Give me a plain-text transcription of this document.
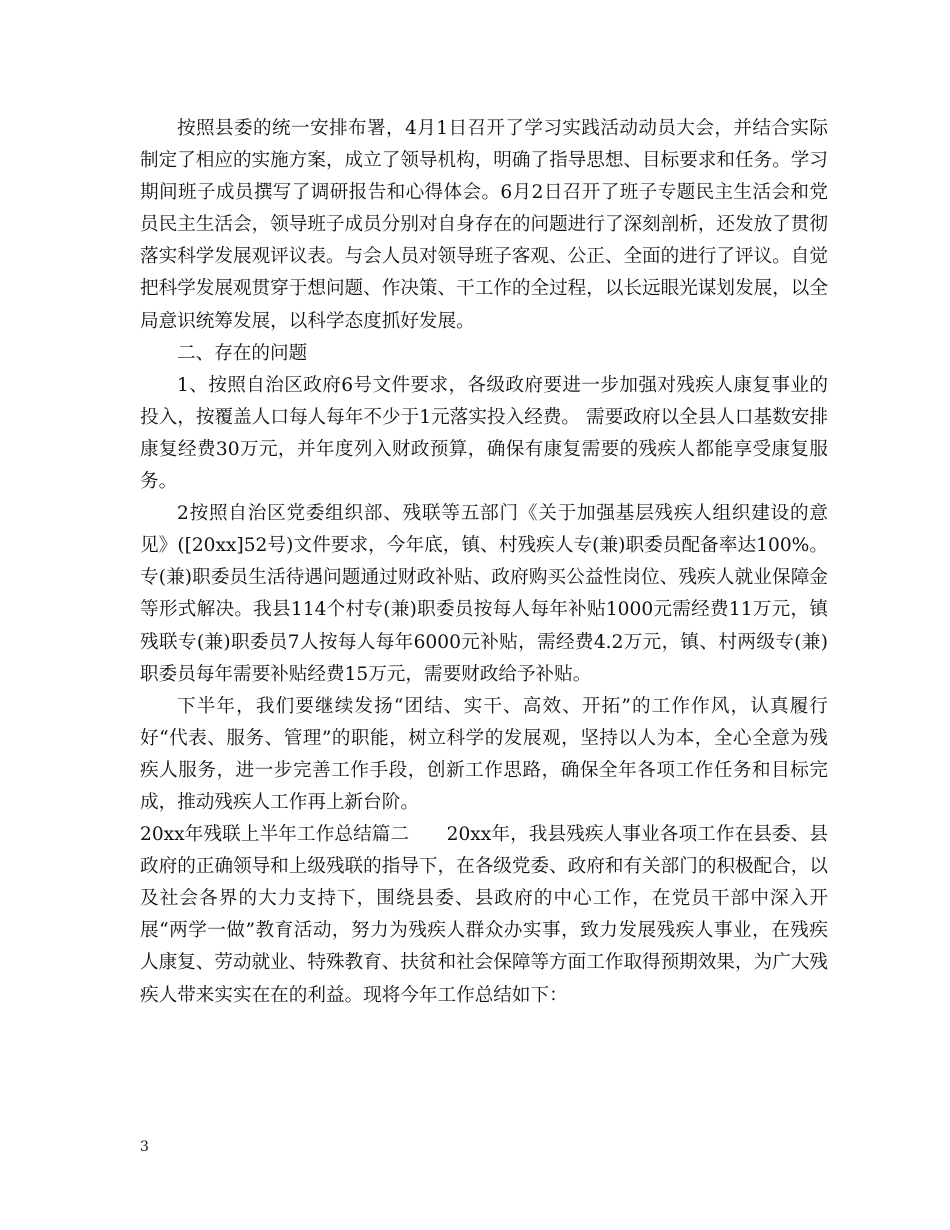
按照县委的统一安排布署，4月1日召开了学习实践活动动员大会，并结合实际制定了相应的实施方案，成立了领导机构，明确了指导思想、目标要求和任务。学习期间班子成员撰写了调研报告和心得体会。6月2日召开了班子专题民主生活会和党员民主生活会，领导班子成员分别对自身存在的问题进行了深刻剖析，还发放了贯彻落实科学发展观评议表。与会人员对领导班子客观、公正、全面的进行了评议。自觉把科学发展观贯穿于想问题、作决策、干工作的全过程，以长远眼光谋划发展，以全局意识统筹发展，以科学态度抓好发展。

二、存在的问题

1、按照自治区政府6号文件要求，各级政府要进一步加强对残疾人康复事业的投入，按覆盖人口每人每年不少于1元落实投入经费。 需要政府以全县人口基数安排康复经费30万元，并年度列入财政预算，确保有康复需要的残疾人都能享受康复服务。

2按照自治区党委组织部、残联等五部门《关于加强基层残疾人组织建设的意见》([20xx]52号)文件要求，今年底，镇、村残疾人专(兼)职委员配备率达100%。专(兼)职委员生活待遇问题通过财政补贴、政府购买公益性岗位、残疾人就业保障金等形式解决。我县114个村专(兼)职委员按每人每年补贴1000元需经费11万元，镇残联专(兼)职委员7人按每人每年6000元补贴，需经费4.2万元，镇、村两级专(兼)职委员每年需要补贴经费15万元，需要财政给予补贴。

下半年，我们要继续发扬“团结、实干、高效、开拓”的工作作风，认真履行好“代表、服务、管理”的职能，树立科学的发展观，坚持以人为本，全心全意为残疾人服务，进一步完善工作手段，创新工作思路，确保全年各项工作任务和目标完成，推动残疾人工作再上新台阶。

20xx年残联上半年工作总结篇二　　20xx年，我县残疾人事业各项工作在县委、县政府的正确领导和上级残联的指导下，在各级党委、政府和有关部门的积极配合，以及社会各界的大力支持下，围绕县委、县政府的中心工作，在党员干部中深入开展“两学一做”教育活动，努力为残疾人群众办实事，致力发展残疾人事业，在残疾人康复、劳动就业、特殊教育、扶贫和社会保障等方面工作取得预期效果，为广大残疾人带来实实在在的利益。现将今年工作总结如下：

3
